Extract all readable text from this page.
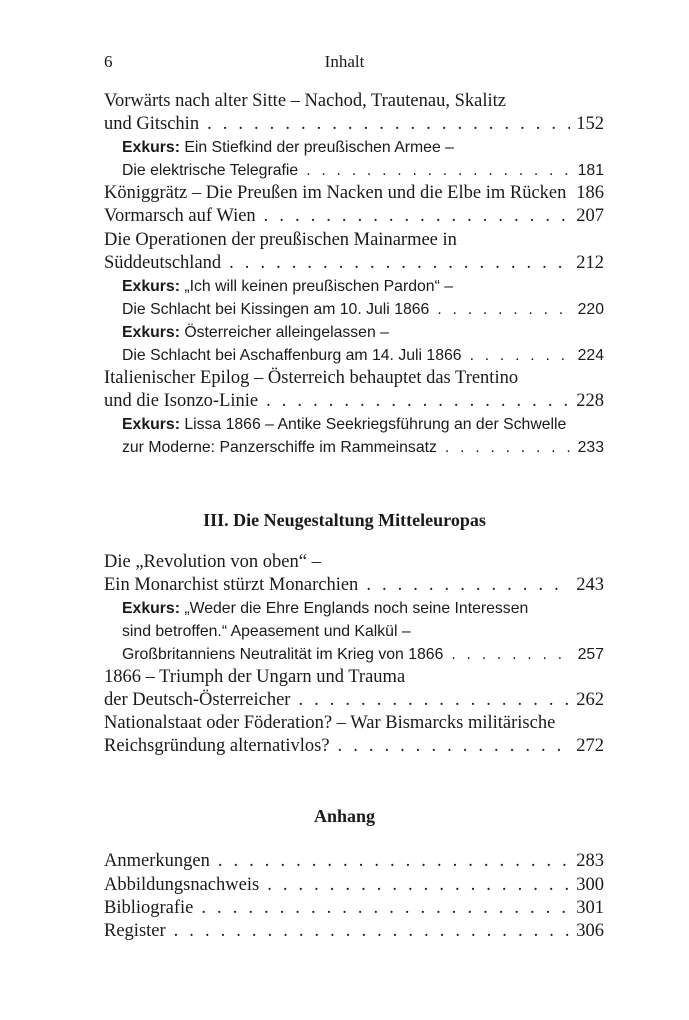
6	Inhalt
Vorwärts nach alter Sitte – Nachod, Trautenau, Skalitz
und Gitschin . . .	152
Exkurs: Ein Stiefkind der preußischen Armee –
Die elektrische Telegrafie . . .	181
Königgrätz – Die Preußen im Nacken und die Elbe im Rücken 186
Vormarsch auf Wien . . .	207
Die Operationen der preußischen Mainarmee in
Süddeutschland . . .	212
Exkurs: „Ich will keinen preußischen Pardon“ –
Die Schlacht bei Kissingen am 10. Juli 1866 . . .	220
Exkurs: Österreicher alleingelassen –
Die Schlacht bei Aschaffenburg am 14. Juli 1866 . . .	224
Italienischer Epilog – Österreich behauptet das Trentino
und die Isonzo-Linie . . .	228
Exkurs: Lissa 1866 – Antike Seekriegsführung an der Schwelle
zur Moderne: Panzerschiffe im Rammeinsatz . . .	233
III. Die Neugestaltung Mitteleuropas
Die „Revolution von oben“ –
Ein Monarchist stürzt Monarchien . . .	243
Exkurs: „Weder die Ehre Englands noch seine Interessen
sind betroffen.“ Apeasement und Kalkül –
Großbritanniens Neutralität im Krieg von 1866 . . .	257
1866 – Triumph der Ungarn und Trauma
der Deutsch-Österreicher . . .	262
Nationalstaat oder Föderation? – War Bismarcks militärische
Reichsgründung alternativlos? . . .	272
Anhang
Anmerkungen . . .	283
Abbildungsnachweis . . .	300
Bibliografie . . .	301
Register . . .	306
